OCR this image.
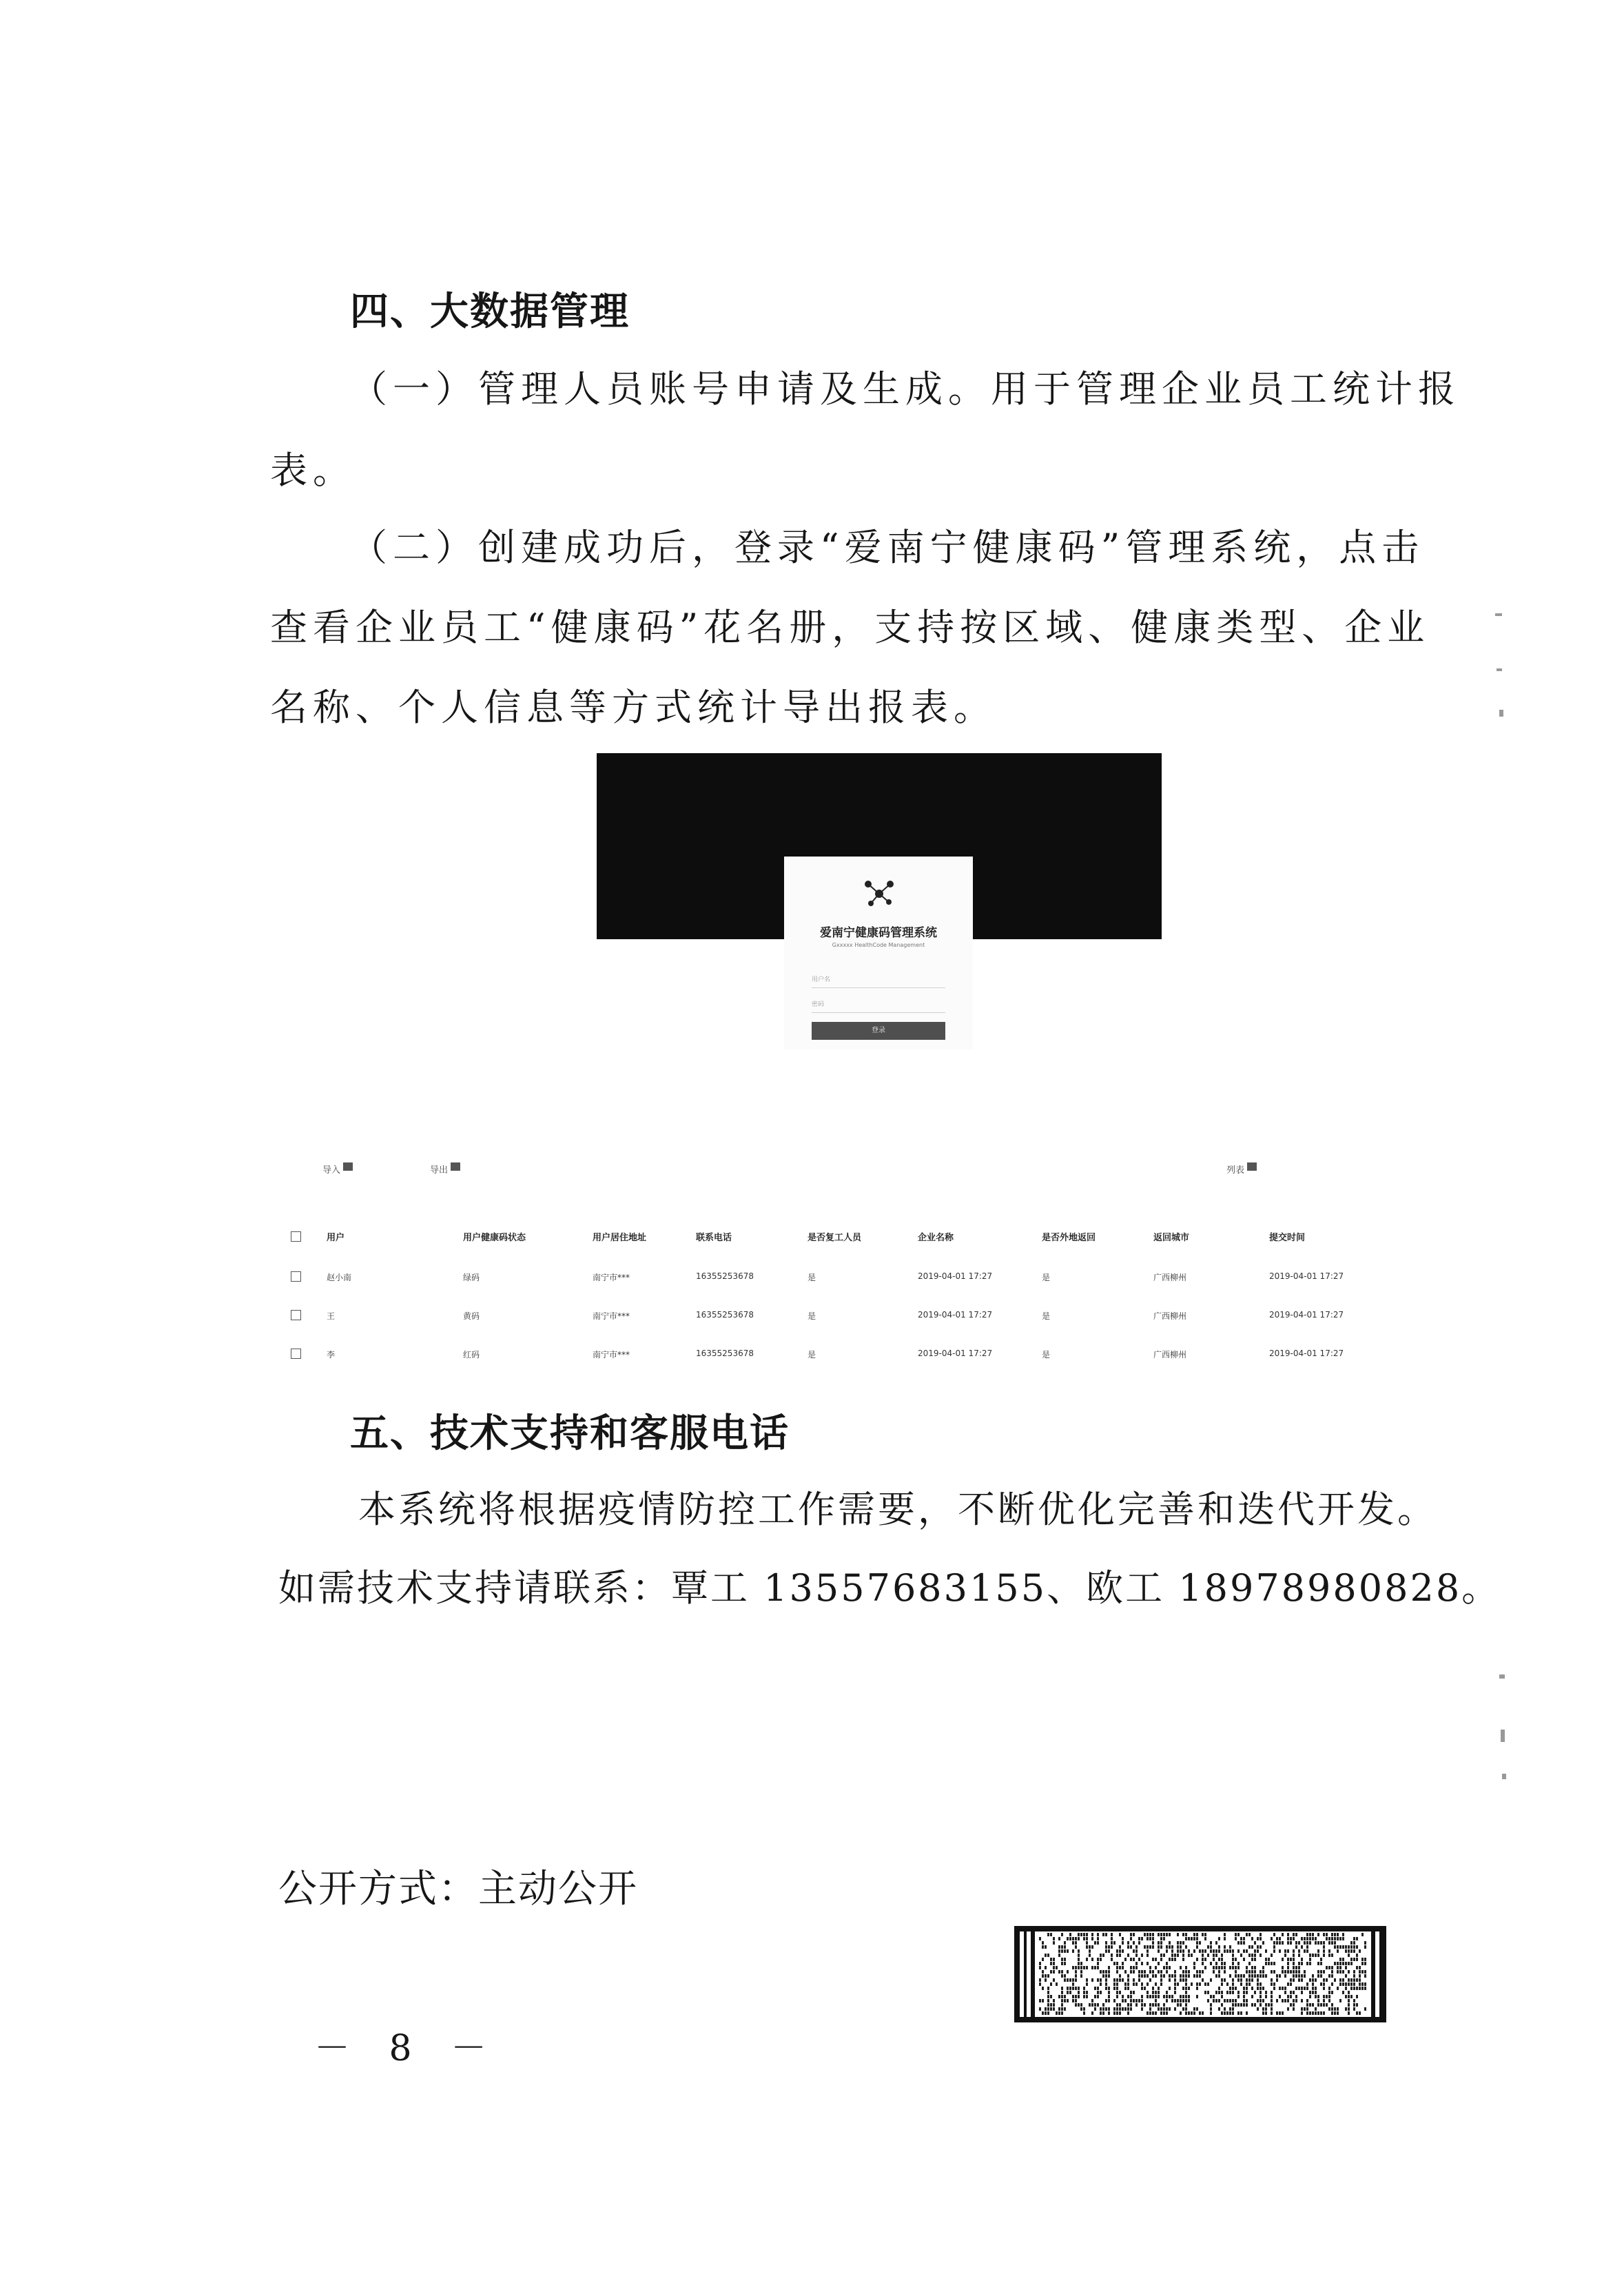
四、大数据管理
（一）管理人员账号申请及生成。用于管理企业员工统计报
表。
（二）创建成功后，登录“爱南宁健康码”管理系统，点击
查看企业员工“健康码”花名册，支持按区域、健康类型、企业
名称、个人信息等方式统计导出报表。
爱南宁健康码管理系统
Gxxxxx HealthCode Management
用户名
密码
登录
导入	导出	列表
用户	用户健康码状态	用户居住地址	联系电话	是否复工人员	企业名称	是否外地返回	返回城市	提交时间
赵小南	绿码	南宁市***	16355253678	是	2019-04-01 17:27	是	广西柳州	2019-04-01 17:27
王	黄码	南宁市***	16355253678	是	2019-04-01 17:27	是	广西柳州	2019-04-01 17:27
李	红码	南宁市***	16355253678	是	2019-04-01 17:27	是	广西柳州	2019-04-01 17:27
五、技术支持和客服电话
本系统将根据疫情防控工作需要，不断优化完善和迭代开发。
如需技术支持请联系：覃工 13557683155、欧工 18978980828。
公开方式：主动公开
－ 8 －
